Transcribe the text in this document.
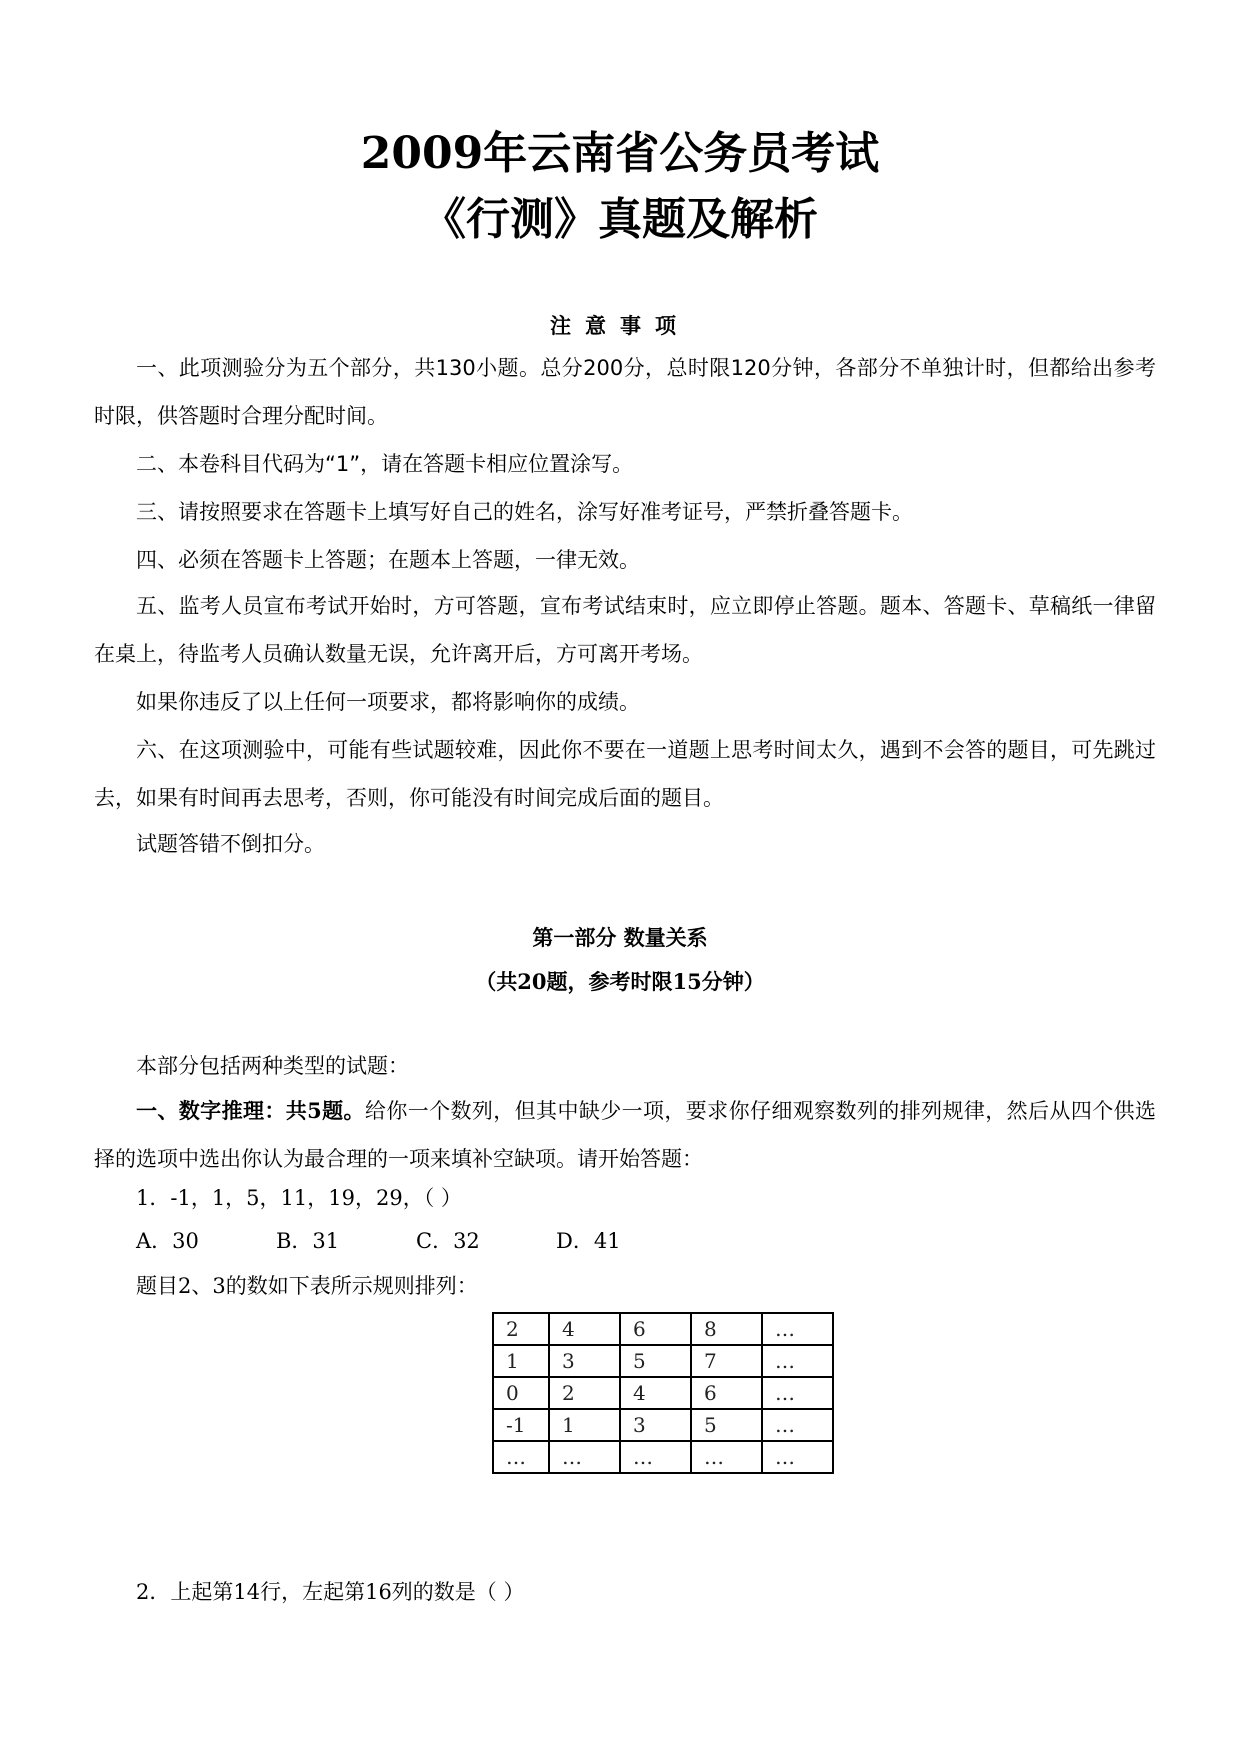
2009年云南省公务员考试
《行测》真题及解析
注意事项
一、此项测验分为五个部分，共130小题。总分200分，总时限120分钟，各部分不单独计时，但都给出参考时限，供答题时合理分配时间。
二、本卷科目代码为“1”，请在答题卡相应位置涂写。
三、请按照要求在答题卡上填写好自己的姓名，涂写好准考证号，严禁折叠答题卡。
四、必须在答题卡上答题；在题本上答题，一律无效。
五、监考人员宣布考试开始时，方可答题，宣布考试结束时，应立即停止答题。题本、答题卡、草稿纸一律留在桌上，待监考人员确认数量无误，允许离开后，方可离开考场。
如果你违反了以上任何一项要求，都将影响你的成绩。
六、在这项测验中，可能有些试题较难，因此你不要在一道题上思考时间太久，遇到不会答的题目，可先跳过去，如果有时间再去思考，否则，你可能没有时间完成后面的题目。
试题答错不倒扣分。
第一部分 数量关系
（共20题，参考时限15分钟）
本部分包括两种类型的试题：
一、数字推理：共5题。给你一个数列，但其中缺少一项，要求你仔细观察数列的排列规律，然后从四个供选择的选项中选出你认为最合理的一项来填补空缺项。请开始答题：
1．-1，1，5，11，19，29，（ ）
A．30	B．31	C．32	D．41
题目2、3的数如下表所示规则排列：
2	4	6	8	…
1	3	5	7	…
0	2	4	6	…
-1	1	3	5	…
…	…	…	…	…
2．上起第14行，左起第16列的数是（ ）
